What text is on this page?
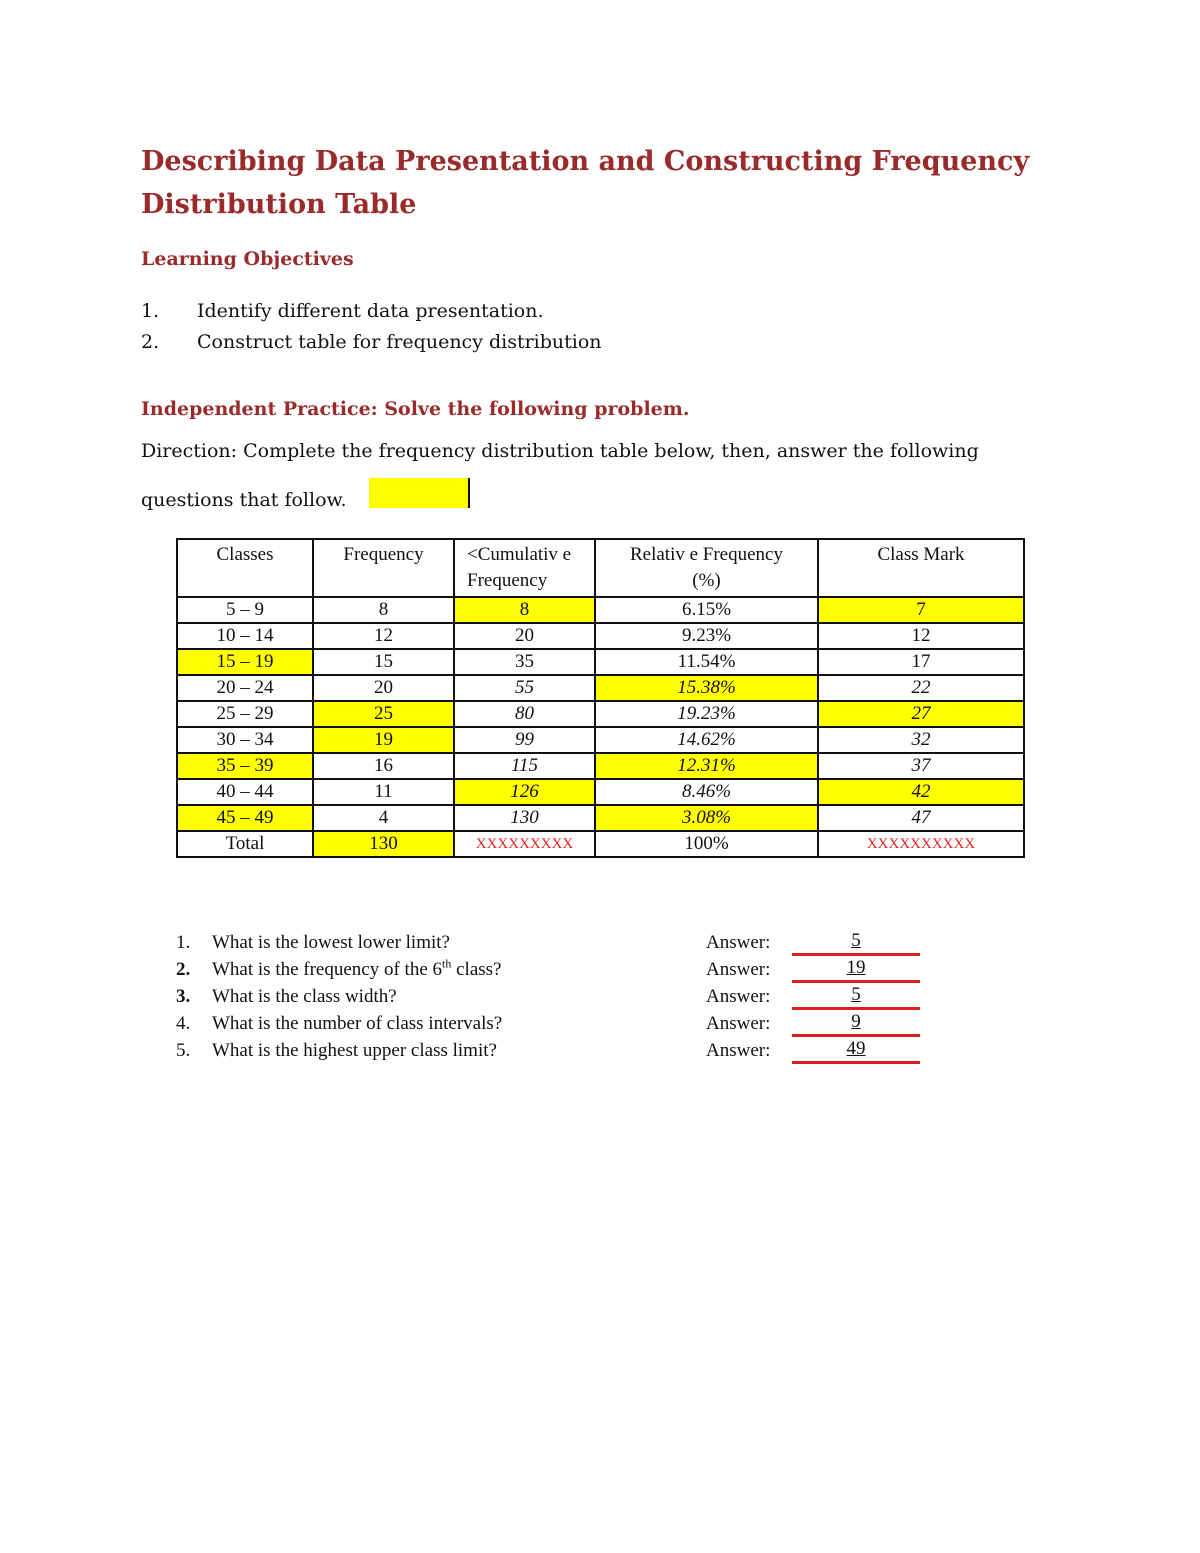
Describing Data Presentation and Constructing Frequency Distribution Table
Learning Objectives
1. Identify different data presentation.
2. Construct table for frequency distribution
Independent Practice: Solve the following problem.

Direction: Complete the frequency distribution table below, then, answer the following

questions that follow.

Classes	Frequency	<Cumulativ e Frequency	Relativ e Frequency (%)	Class Mark
5 – 9	8	8	6.15%	7
10 – 14	12	20	9.23%	12
15 – 19	15	35	11.54%	17
20 – 24	20	55	15.38%	22
25 – 29	25	80	19.23%	27
30 – 34	19	99	14.62%	32
35 – 39	16	115	12.31%	37
40 – 44	11	126	8.46%	42
45 – 49	4	130	3.08%	47
Total	130	XXXXXXXXX	100%	XXXXXXXXXX
1.	What is the lowest lower limit?	Answer:	5
2.	What is the frequency of the 6th class?	Answer:	19
3.	What is the class width?	Answer:	5
4.	What is the number of class intervals?	Answer:	9
5.	What is the highest upper class limit?	Answer:	49
